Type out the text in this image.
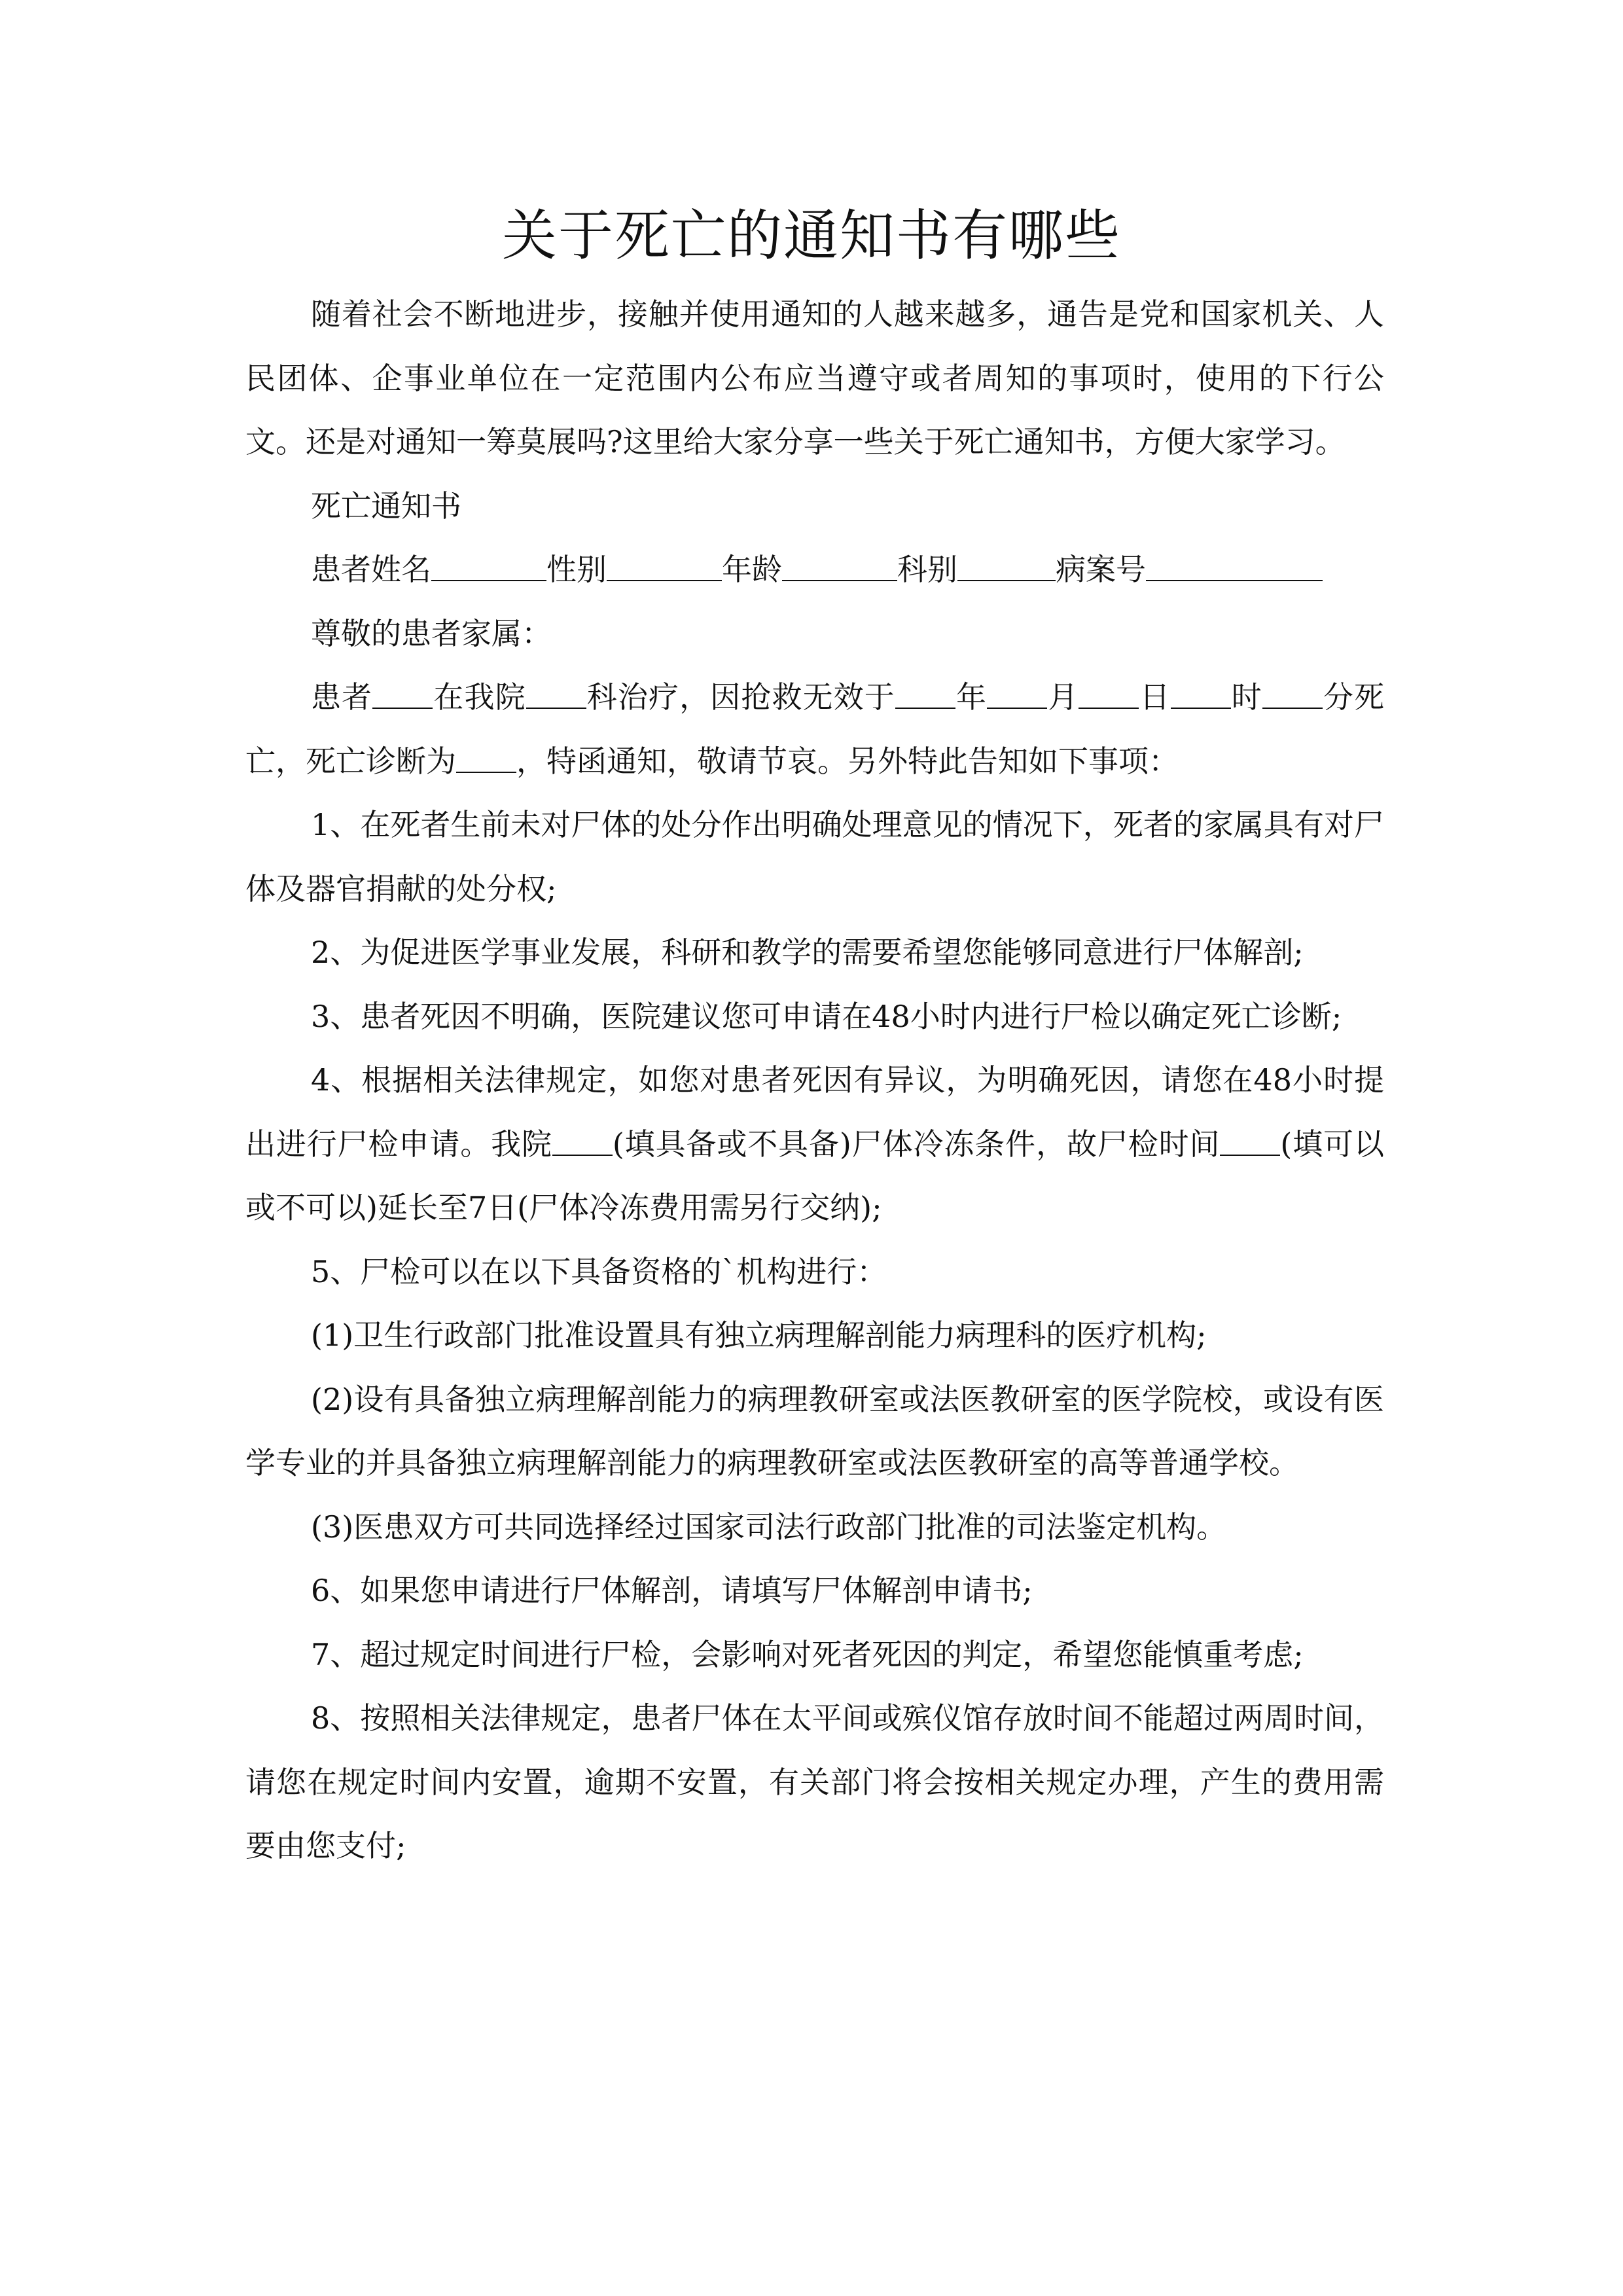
关于死亡的通知书有哪些

随着社会不断地进步，接触并使用通知的人越来越多，通告是党和国家机关、人民团体、企事业单位在一定范围内公布应当遵守或者周知的事项时，使用的下行公文。还是对通知一筹莫展吗?这里给大家分享一些关于死亡通知书，方便大家学习。

死亡通知书

患者姓名	性别	年龄	科别	病案号

尊敬的患者家属：

患者 在我院 科治疗，因抢救无效于 年 月 日 时 分死亡，死亡诊断为 ，特函通知，敬请节哀。另外特此告知如下事项：

1、在死者生前未对尸体的处分作出明确处理意见的情况下，死者的家属具有对尸体及器官捐献的处分权;

2、为促进医学事业发展，科研和教学的需要希望您能够同意进行尸体解剖;

3、患者死因不明确，医院建议您可申请在48小时内进行尸检以确定死亡诊断;

4、根据相关法律规定，如您对患者死因有异议，为明确死因，请您在48小时提出进行尸检申请。我院 (填具备或不具备)尸体冷冻条件，故尸检时间 (填可以或不可以)延长至7日(尸体冷冻费用需另行交纳);

5、尸检可以在以下具备资格的`机构进行：

(1)卫生行政部门批准设置具有独立病理解剖能力病理科的医疗机构;

(2)设有具备独立病理解剖能力的病理教研室或法医教研室的医学院校，或设有医学专业的并具备独立病理解剖能力的病理教研室或法医教研室的高等普通学校。

(3)医患双方可共同选择经过国家司法行政部门批准的司法鉴定机构。

6、如果您申请进行尸体解剖，请填写尸体解剖申请书;

7、超过规定时间进行尸检，会影响对死者死因的判定，希望您能慎重考虑;

8、按照相关法律规定，患者尸体在太平间或殡仪馆存放时间不能超过两周时间，请您在规定时间内安置，逾期不安置，有关部门将会按相关规定办理，产生的费用需要由您支付;
